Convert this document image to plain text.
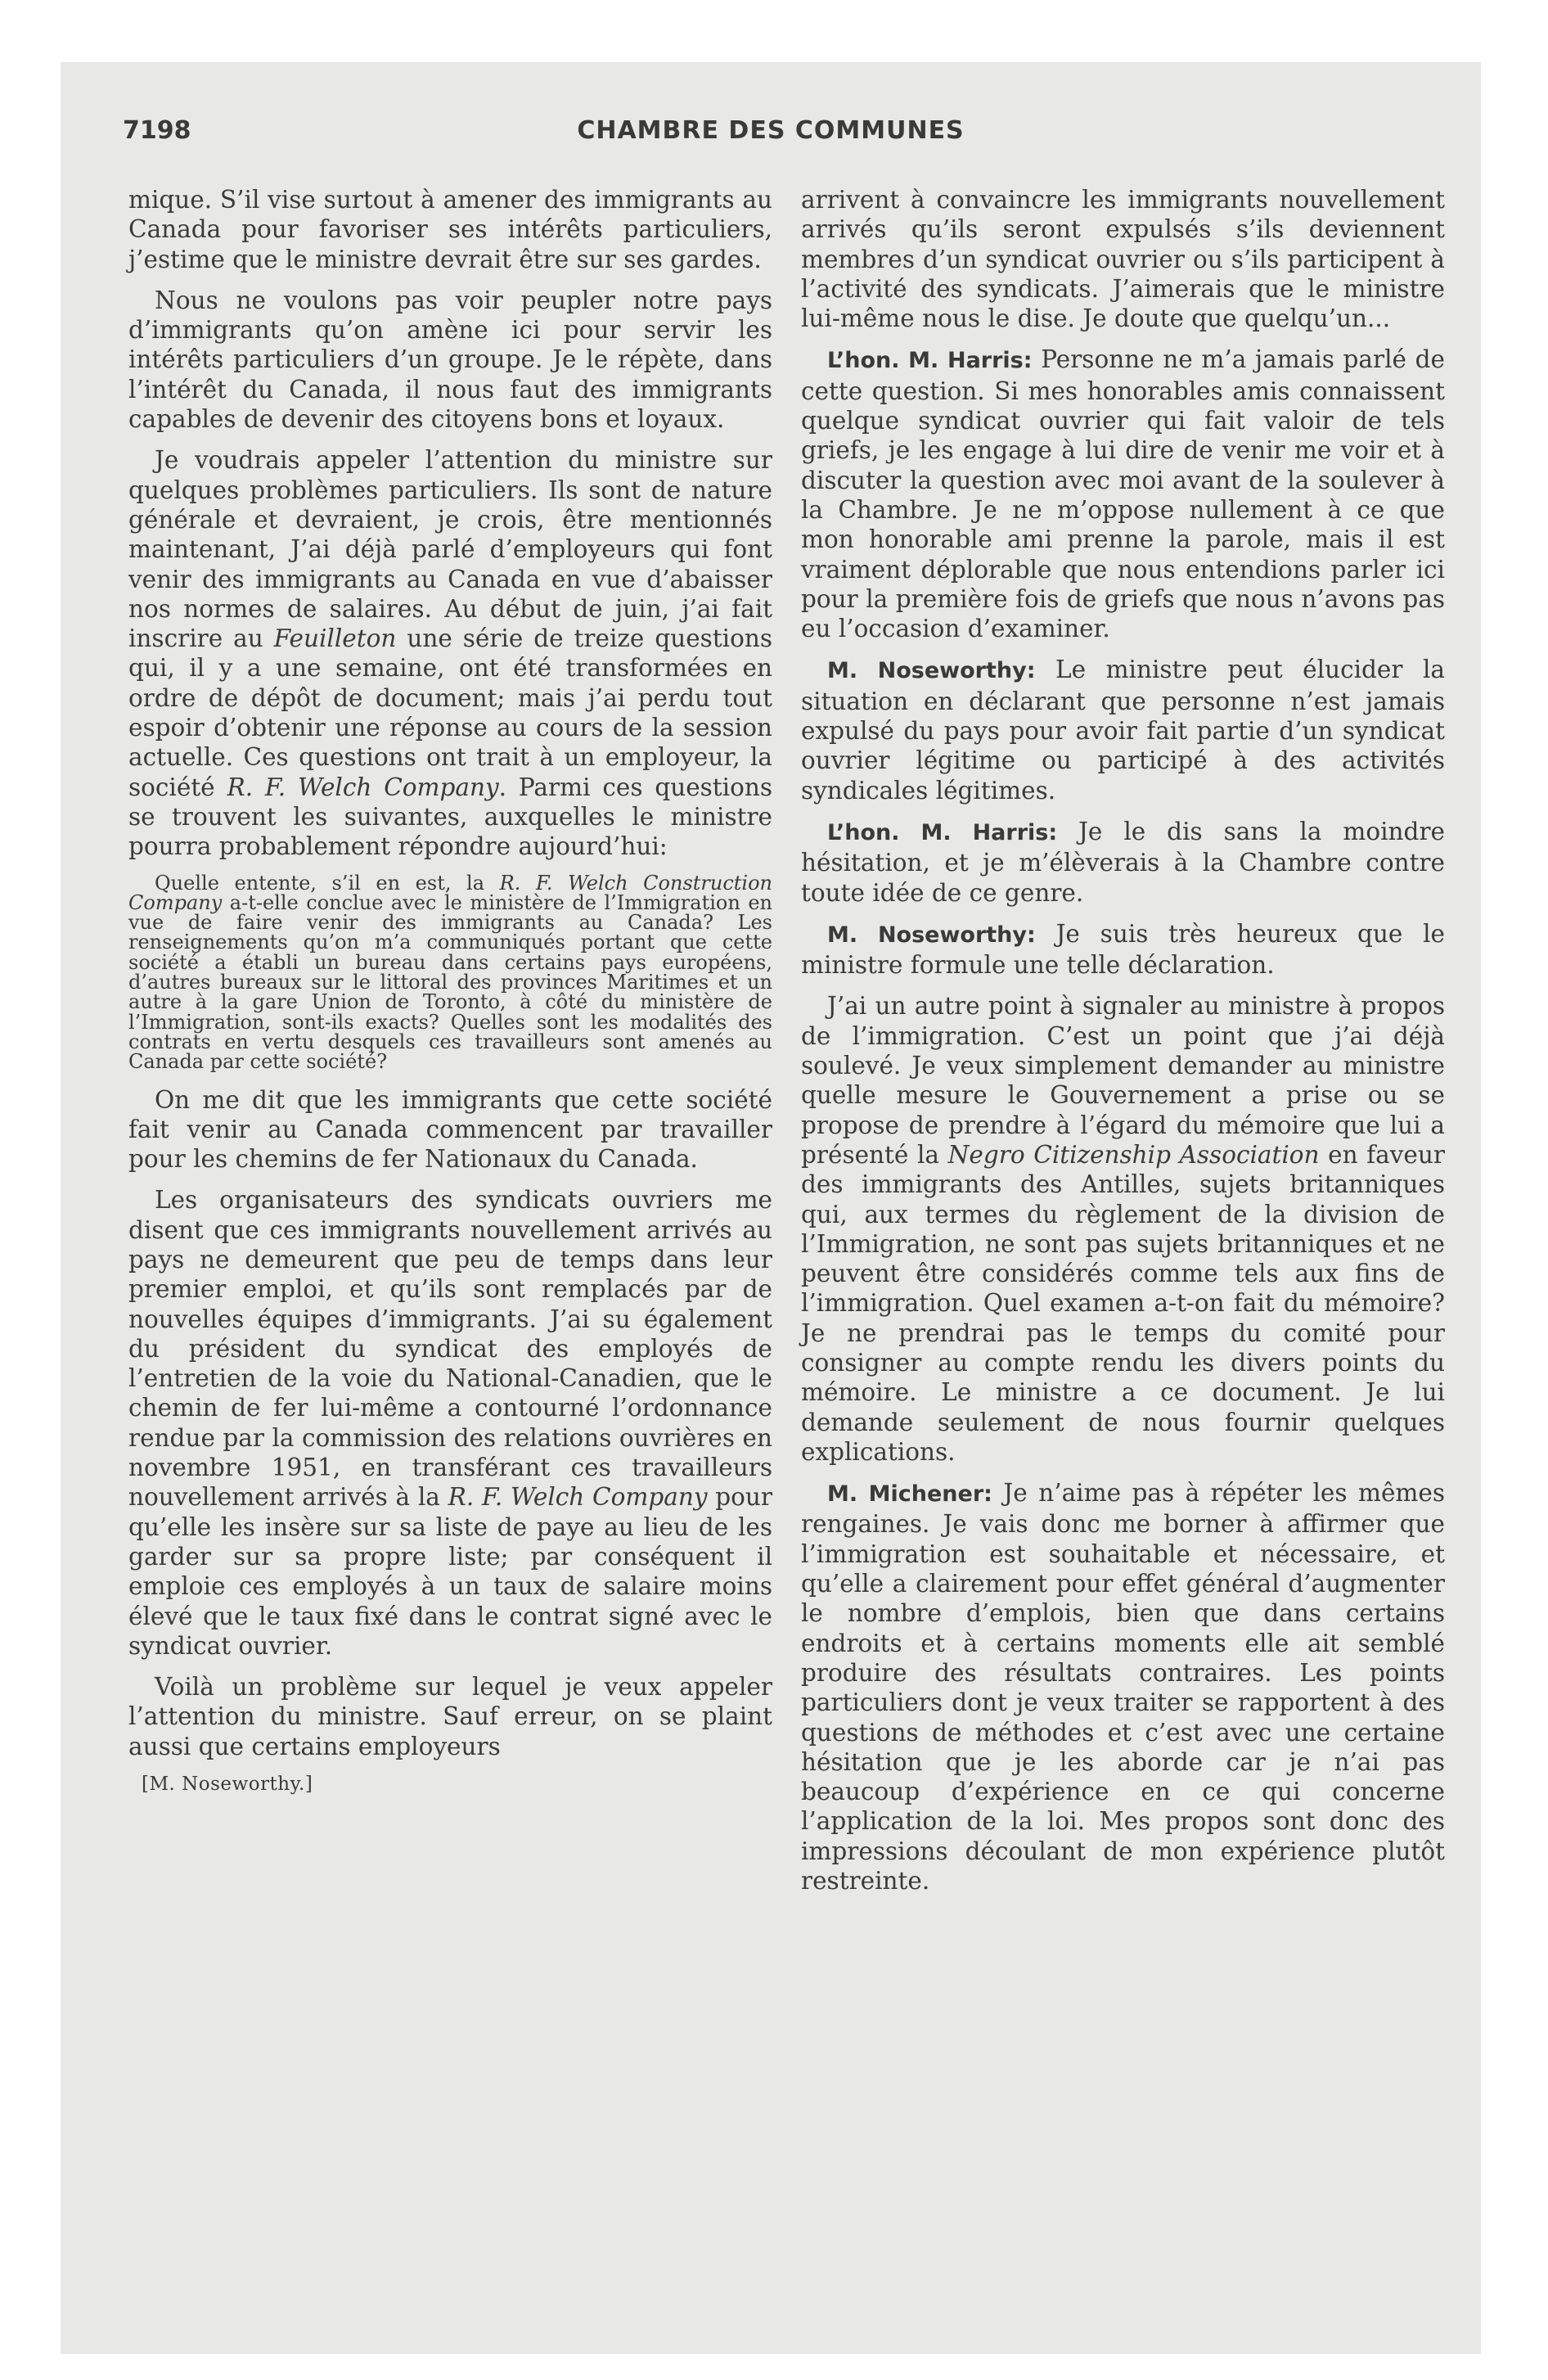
7198	CHAMBRE DES COMMUNES

mique. S’il vise surtout à amener des immigrants au Canada pour favoriser ses intérêts particuliers, j’estime que le ministre devrait être sur ses gardes.

Nous ne voulons pas voir peupler notre pays d’immigrants qu’on amène ici pour servir les intérêts particuliers d’un groupe. Je le répète, dans l’intérêt du Canada, il nous faut des immigrants capables de devenir des citoyens bons et loyaux.

Je voudrais appeler l’attention du ministre sur quelques problèmes particuliers. Ils sont de nature générale et devraient, je crois, être mentionnés maintenant, J’ai déjà parlé d’employeurs qui font venir des immigrants au Canada en vue d’abaisser nos normes de salaires. Au début de juin, j’ai fait inscrire au Feuilleton une série de treize questions qui, il y a une semaine, ont été transformées en ordre de dépôt de document; mais j’ai perdu tout espoir d’obtenir une réponse au cours de la session actuelle. Ces questions ont trait à un employeur, la société R. F. Welch Company. Parmi ces questions se trouvent les suivantes, auxquelles le ministre pourra probablement répondre aujourd’hui:

Quelle entente, s’il en est, la R. F. Welch Construction Company a-t-elle conclue avec le ministère de l’Immigration en vue de faire venir des immigrants au Canada? Les renseignements qu’on m’a communiqués portant que cette société a établi un bureau dans certains pays européens, d’autres bureaux sur le littoral des provinces Maritimes et un autre à la gare Union de Toronto, à côté du ministère de l’Immigration, sont-ils exacts? Quelles sont les modalités des contrats en vertu desquels ces travailleurs sont amenés au Canada par cette société?

On me dit que les immigrants que cette société fait venir au Canada commencent par travailler pour les chemins de fer Nationaux du Canada.

Les organisateurs des syndicats ouvriers me disent que ces immigrants nouvellement arrivés au pays ne demeurent que peu de temps dans leur premier emploi, et qu’ils sont remplacés par de nouvelles équipes d’immigrants. J’ai su également du président du syndicat des employés de l’entretien de la voie du National-Canadien, que le chemin de fer lui-même a contourné l’ordonnance rendue par la commission des relations ouvrières en novembre 1951, en transférant ces travailleurs nouvellement arrivés à la R. F. Welch Company pour qu’elle les insère sur sa liste de paye au lieu de les garder sur sa propre liste; par conséquent il emploie ces employés à un taux de salaire moins élevé que le taux fixé dans le contrat signé avec le syndicat ouvrier.

Voilà un problème sur lequel je veux appeler l’attention du ministre. Sauf erreur, on se plaint aussi que certains employeurs

[M. Noseworthy.]

arrivent à convaincre les immigrants nouvellement arrivés qu’ils seront expulsés s’ils deviennent membres d’un syndicat ouvrier ou s’ils participent à l’activité des syndicats. J’aimerais que le ministre lui-même nous le dise. Je doute que quelqu’un...

L’hon. M. Harris: Personne ne m’a jamais parlé de cette question. Si mes honorables amis connaissent quelque syndicat ouvrier qui fait valoir de tels griefs, je les engage à lui dire de venir me voir et à discuter la question avec moi avant de la soulever à la Chambre. Je ne m’oppose nullement à ce que mon honorable ami prenne la parole, mais il est vraiment déplorable que nous entendions parler ici pour la première fois de griefs que nous n’avons pas eu l’occasion d’examiner.

M. Noseworthy: Le ministre peut élucider la situation en déclarant que personne n’est jamais expulsé du pays pour avoir fait partie d’un syndicat ouvrier légitime ou participé à des activités syndicales légitimes.

L’hon. M. Harris: Je le dis sans la moindre hésitation, et je m’élèverais à la Chambre contre toute idée de ce genre.

M. Noseworthy: Je suis très heureux que le ministre formule une telle déclaration.

J’ai un autre point à signaler au ministre à propos de l’immigration. C’est un point que j’ai déjà soulevé. Je veux simplement demander au ministre quelle mesure le Gouvernement a prise ou se propose de prendre à l’égard du mémoire que lui a présenté la Negro Citizenship Association en faveur des immigrants des Antilles, sujets britanniques qui, aux termes du règlement de la division de l’Immigration, ne sont pas sujets britanniques et ne peuvent être considérés comme tels aux fins de l’immigration. Quel examen a-t-on fait du mémoire? Je ne prendrai pas le temps du comité pour consigner au compte rendu les divers points du mémoire. Le ministre a ce document. Je lui demande seulement de nous fournir quelques explications.

M. Michener: Je n’aime pas à répéter les mêmes rengaines. Je vais donc me borner à affirmer que l’immigration est souhaitable et nécessaire, et qu’elle a clairement pour effet général d’augmenter le nombre d’emplois, bien que dans certains endroits et à certains moments elle ait semblé produire des résultats contraires. Les points particuliers dont je veux traiter se rapportent à des questions de méthodes et c’est avec une certaine hésitation que je les aborde car je n’ai pas beaucoup d’expérience en ce qui concerne l’application de la loi. Mes propos sont donc des impressions découlant de mon expérience plutôt restreinte.
